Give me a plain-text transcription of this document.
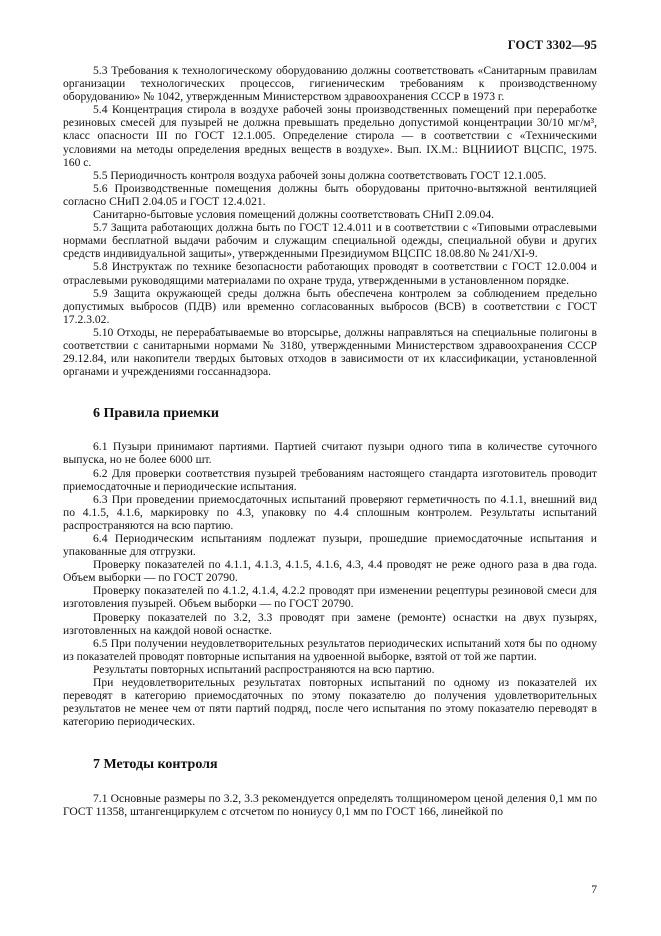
ГОСТ 3302—95

5.3 Требования к технологическому оборудованию должны соответствовать «Санитарным правилам организации технологических процессов, гигиеническим требованиям к производственному оборудованию» № 1042, утвержденным Министерством здравоохранения СССР в 1973 г.

5.4 Концентрация стирола в воздухе рабочей зоны производственных помещений при переработке резиновых смесей для пузырей не должна превышать предельно допустимой концентрации 30/10 мг/м³, класс опасности III по ГОСТ 12.1.005. Определение стирола — в соответствии с «Техническими условиями на методы определения вредных веществ в воздухе». Вып. IX.М.: ВЦНИИОТ ВЦСПС, 1975. 160 с.

5.5 Периодичность контроля воздуха рабочей зоны должна соответствовать ГОСТ 12.1.005.

5.6 Производственные помещения должны быть оборудованы приточно-вытяжной вентиляцией согласно СНиП 2.04.05 и ГОСТ 12.4.021.

Санитарно-бытовые условия помещений должны соответствовать СНиП 2.09.04.

5.7 Защита работающих должна быть по ГОСТ 12.4.011 и в соответствии с «Типовыми отраслевыми нормами бесплатной выдачи рабочим и служащим специальной одежды, специальной обуви и других средств индивидуальной защиты», утвержденными Президиумом ВЦСПС 18.08.80 № 241/XI-9.

5.8 Инструктаж по технике безопасности работающих проводят в соответствии с ГОСТ 12.0.004 и отраслевыми руководящими материалами по охране труда, утвержденными в установленном порядке.

5.9 Защита окружающей среды должна быть обеспечена контролем за соблюдением предельно допустимых выбросов (ПДВ) или временно согласованных выбросов (ВСВ) в соответствии с ГОСТ 17.2.3.02.

5.10 Отходы, не перерабатываемые во вторсырье, должны направляться на специальные полигоны в соответствии с санитарными нормами № 3180, утвержденными Министерством здравоохранения СССР 29.12.84, или накопители твердых бытовых отходов в зависимости от их классификации, установленной органами и учреждениями госсаннадзора.

6 Правила приемки

6.1 Пузыри принимают партиями. Партией считают пузыри одного типа в количестве суточного выпуска, но не более 6000 шт.

6.2 Для проверки соответствия пузырей требованиям настоящего стандарта изготовитель проводит приемосдаточные и периодические испытания.

6.3 При проведении приемосдаточных испытаний проверяют герметичность по 4.1.1, внешний вид по 4.1.5, 4.1.6, маркировку по 4.3, упаковку по 4.4 сплошным контролем. Результаты испытаний распространяются на всю партию.

6.4 Периодическим испытаниям подлежат пузыри, прошедшие приемосдаточные испытания и упакованные для отгрузки.

Проверку показателей по 4.1.1, 4.1.3, 4.1.5, 4.1.6, 4.3, 4.4 проводят не реже одного раза в два года. Объем выборки — по ГОСТ 20790.

Проверку показателей по 4.1.2, 4.1.4, 4.2.2 проводят при изменении рецептуры резиновой смеси для изготовления пузырей. Объем выборки — по ГОСТ 20790.

Проверку показателей по 3.2, 3.3 проводят при замене (ремонте) оснастки на двух пузырях, изготовленных на каждой новой оснастке.

6.5 При получении неудовлетворительных результатов периодических испытаний хотя бы по одному из показателей проводят повторные испытания на удвоенной выборке, взятой от той же партии.

Результаты повторных испытаний распространяются на всю партию.

При неудовлетворительных результатах повторных испытаний по одному из показателей их переводят в категорию приемосдаточных по этому показателю до получения удовлетворительных результатов не менее чем от пяти партий подряд, после чего испытания по этому показателю переводят в категорию периодических.

7 Методы контроля

7.1 Основные размеры по 3.2, 3.3 рекомендуется определять толщиномером ценой деления 0,1 мм по ГОСТ 11358, штангенциркулем с отсчетом по нониусу 0,1 мм по ГОСТ 166, линейкой по

7
